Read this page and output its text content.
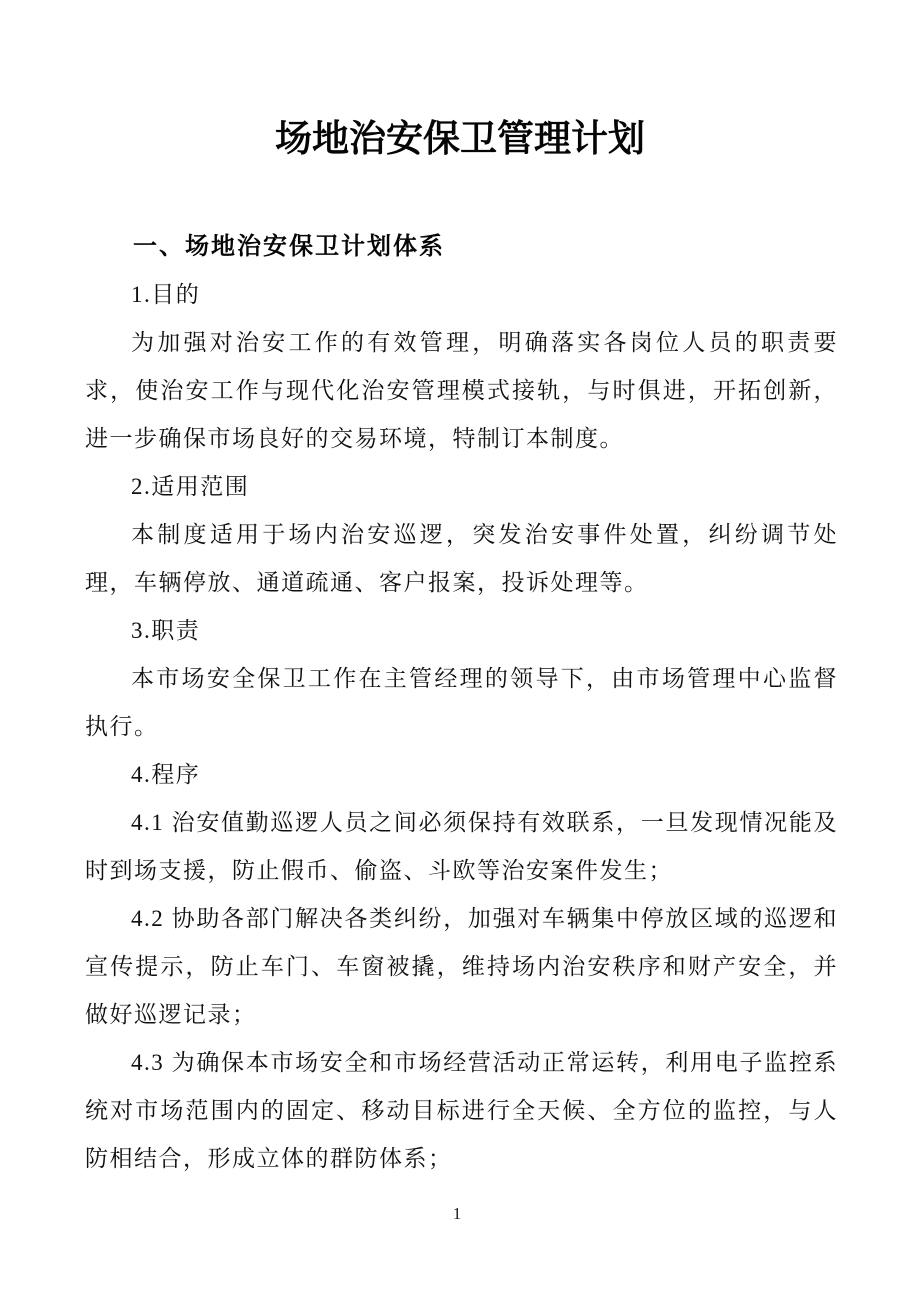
场地治安保卫管理计划
一、场地治安保卫计划体系

1.目的

为加强对治安工作的有效管理，明确落实各岗位人员的职责要求，使治安工作与现代化治安管理模式接轨，与时俱进，开拓创新，进一步确保市场良好的交易环境，特制订本制度。

2.适用范围

本制度适用于场内治安巡逻，突发治安事件处置，纠纷调节处理，车辆停放、通道疏通、客户报案，投诉处理等。

3.职责

本市场安全保卫工作在主管经理的领导下，由市场管理中心监督执行。

4.程序

4.1 治安值勤巡逻人员之间必须保持有效联系，一旦发现情况能及时到场支援，防止假币、偷盗、斗欧等治安案件发生；

4.2 协助各部门解决各类纠纷，加强对车辆集中停放区域的巡逻和宣传提示，防止车门、车窗被撬，维持场内治安秩序和财产安全，并做好巡逻记录；

4.3 为确保本市场安全和市场经营活动正常运转，利用电子监控系统对市场范围内的固定、移动目标进行全天候、全方位的监控，与人防相结合，形成立体的群防体系；

1
